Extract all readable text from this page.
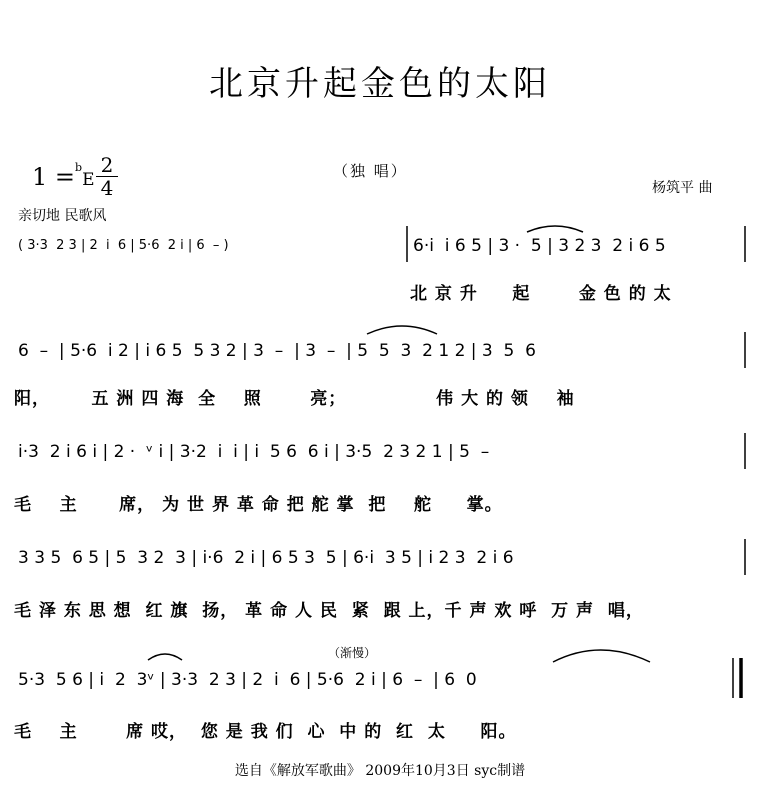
北京升起金色的太阳
1 =$^b$E
2
4
（独 唱）
杨筑平 曲
亲切地 民歌风
( 3·3  2 3 | 2  i  6 | 5·6  2 i | 6  – )	6·i  i 6 5 | 3 ·  5 | 3 2 3  2 i 6 5
北 京 升     起       金 色 的 太
6  –  | 5·6  i 2 | i 6 5  5 3 2 | 3  –  | 3  –  | 5  5  3  2 1 2 | 3  5  6
阳，      五 洲 四 海  全    照       亮；             伟 大 的 领    袖
i·3  2 i 6 i | 2 ·  ᵛ i | 3·2  i  i | i  5 6  6 i | 3·5  2 3 2 1 | 5  –
毛    主      席， 为 世 界 革 命 把 舵 掌  把    舵     掌。
3 3 5  6 5 | 5  3 2  3 | i·6  2 i | 6 5 3  5 | 6·i  3 5 | i 2 3  2 i 6
毛 泽 东 思 想  红 旗  扬， 革 命 人 民  紧  跟 上，千 声 欢 呼  万 声  唱，
（渐慢）
5·3  5 6 | i  2  3ᵛ | 3·3  2 3 | 2  i  6 | 5·6  2 i | 6  –  | 6  0
毛    主       席 哎，  您 是 我 们  心  中 的  红  太     阳。
选自《解放军歌曲》 2009年10月3日 syc制谱
